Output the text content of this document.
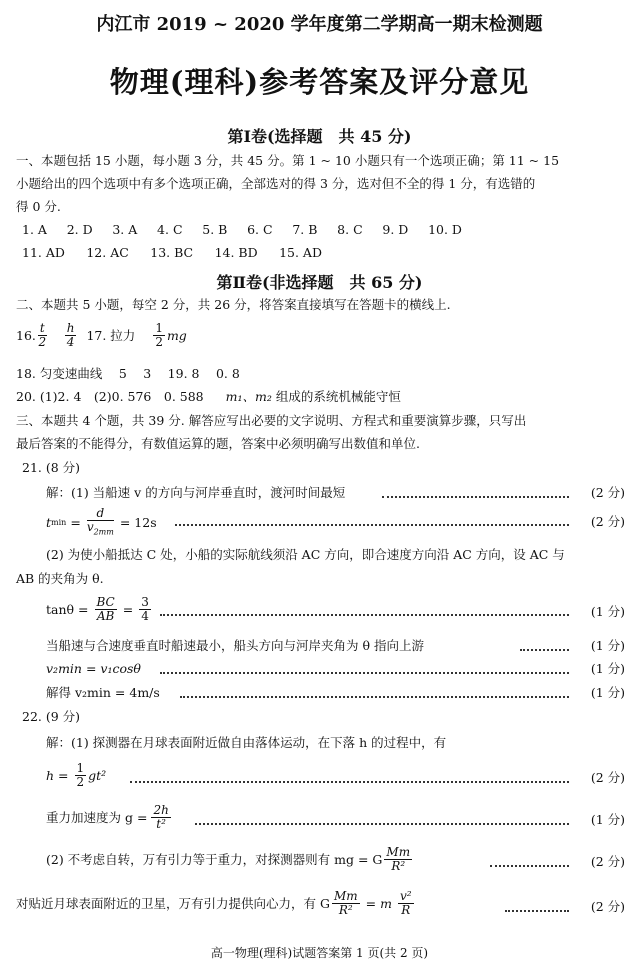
内江市 2019 ~ 2020 学年度第二学期高一期末检测题
物理(理科)参考答案及评分意见
第Ⅰ卷(选择题　共 45 分)
一、本题包括 15 小题，每小题 3 分，共 45 分。第 1 ~ 10 小题只有一个选项正确；第 11 ~ 15
小题给出的四个选项中有多个选项正确，全部选对的得 3 分，选对但不全的得 1 分，有选错的
得 0 分.
1. A 2. D 3. A 4. C 5. B 6. C 7. B 8. C 9. D 10. D
11. AD 12. AC 13. BC 14. BD 15. AD
第Ⅱ卷(非选择题　共 65 分)
二、本题共 5 小题，每空 2 分，共 26 分，将答案直接填写在答题卡的横线上.
16. $\frac{t}{2} \frac{h}{4} 17$. 拉力 $\frac{1}{2}$ mg
18. 匀变速曲线　 5　 3　 19. 8　 0. 8
20. (1)2. 4　(2)0. 576　0. 588 m₁、m₂ 组成的系统机械能守恒
三、本题共 4 个题，共 39 分. 解答应写出必要的文字说明、方程式和重要演算步骤，只写出
最后答案的不能得分，有数值运算的题，答案中必须明确写出数值和单位.
21. (8 分)
解：(1) 当船速 v 的方向与河岸垂直时，渡河时间最短	(2 分)
t $\min = \frac{d}{v_{2mm}} = 12s$	(2 分)
(2) 为使小船抵达 C 处，小船的实际航线须沿 AC 方向，即合速度方向沿 AC 方向，设 AC 与
AB 的夹角为 θ.
$\tan\theta = \frac{BC}{AB} = \frac{3}{4}$	(1 分)
当船速与合速度垂直时船速最小，船头方向与河岸夹角为 θ 指向上游	(1 分)
v₂min = v₁cosθ	(1 分)
解得 v₂min = 4m/s	(1 分)
22. (9 分)
解：(1) 探测器在月球表面附近做自由落体运动，在下落 h 的过程中，有
$h = \frac{1}{2} gt^2$	(2 分)
重力加速度为 $g = \frac{2h}{\text{t²}}$	(1 分)
(2) 不考虑自转，万有引力等于重力，对探测器则有 mg = G $\frac{Mm}{\text{R²}}$	(2 分)
对贴近月球表面附近的卫星，万有引力提供向心力，有 G $\frac{Mm}{\text{R²}} = m \frac{\text{v²}}{R}$	(2 分)
高一物理(理科)试题答案第 1 页(共 2 页)
